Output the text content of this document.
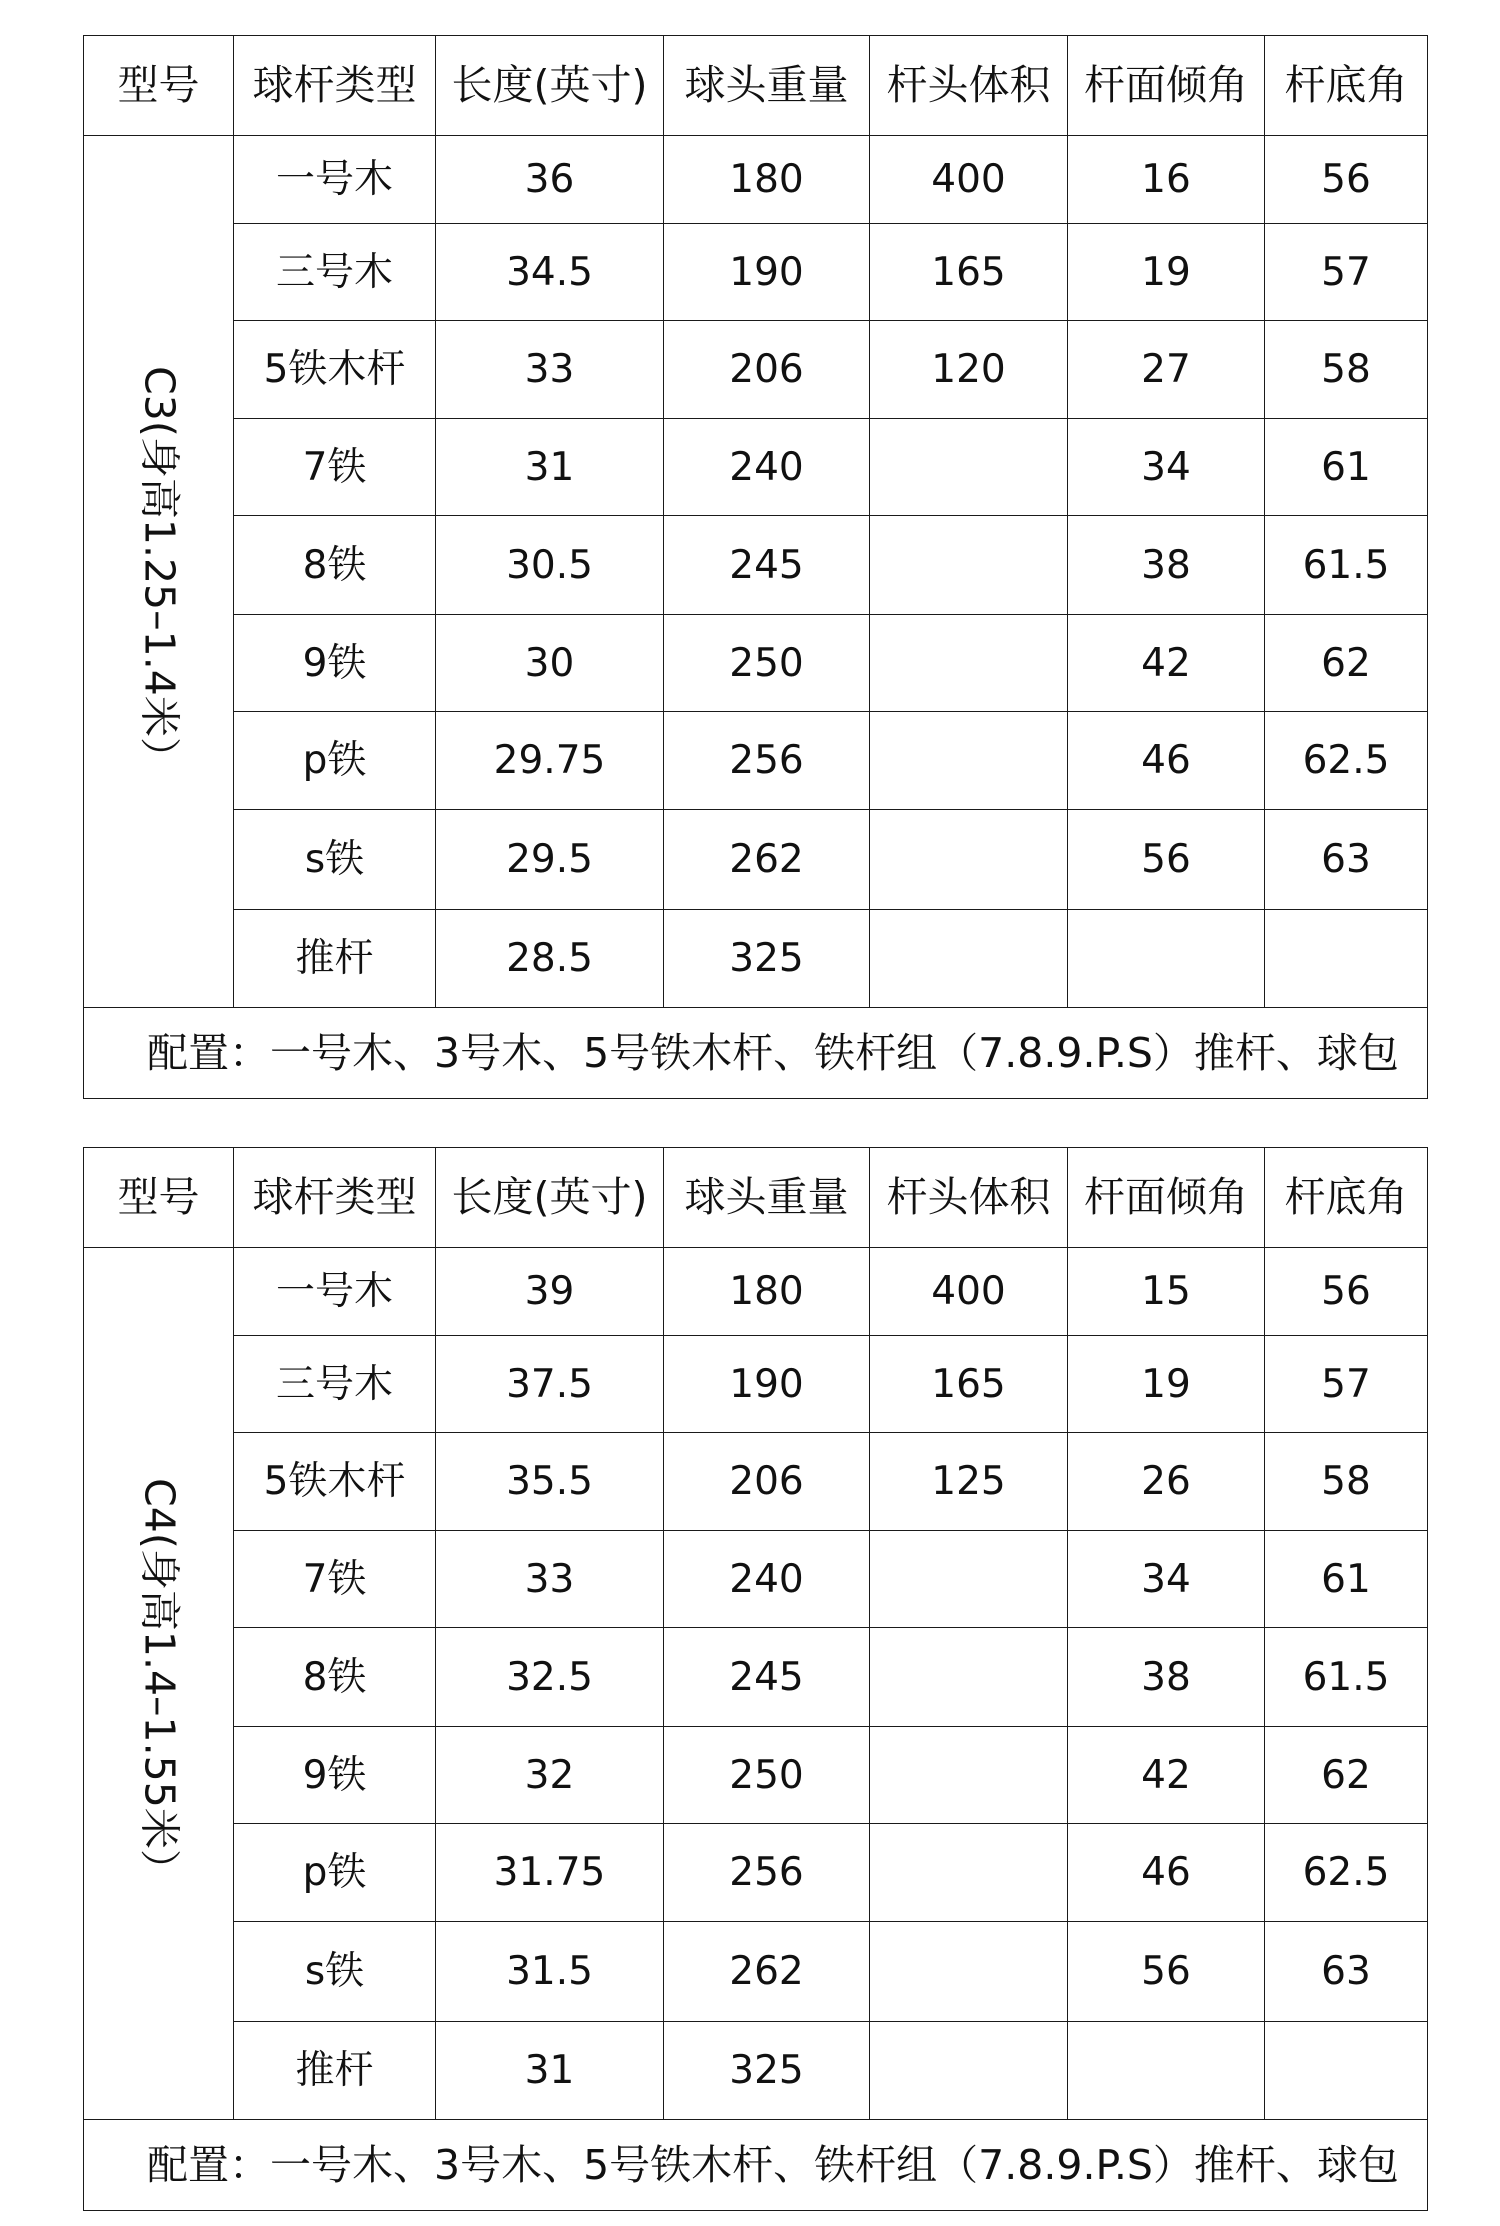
型号	球杆类型	长度(英寸)	球头重量	杆头体积	杆面倾角	杆底角

C3(身高1.25–1.4米）	一号木	36	180	400	16	56
	三号木	34.5	190	165	19	57
	5铁木杆	33	206	120	27	58
	7铁	31	240		34	61
	8铁	30.5	245		38	61.5
	9铁	30	250		42	62
	p铁	29.75	256		46	62.5
	s铁	29.5	262		56	63
	推杆	28.5	325			
配置：一号木、3号木、5号铁木杆、铁杆组（7.8.9.P.S）推杆、球包						
型号	球杆类型	长度(英寸)	球头重量	杆头体积	杆面倾角	杆底角

C4(身高1.4–1.55米）	一号木	39	180	400	15	56
	三号木	37.5	190	165	19	57
	5铁木杆	35.5	206	125	26	58
	7铁	33	240		34	61
	8铁	32.5	245		38	61.5
	9铁	32	250		42	62
	p铁	31.75	256		46	62.5
	s铁	31.5	262		56	63
	推杆	31	325			
配置：一号木、3号木、5号铁木杆、铁杆组（7.8.9.P.S）推杆、球包						
